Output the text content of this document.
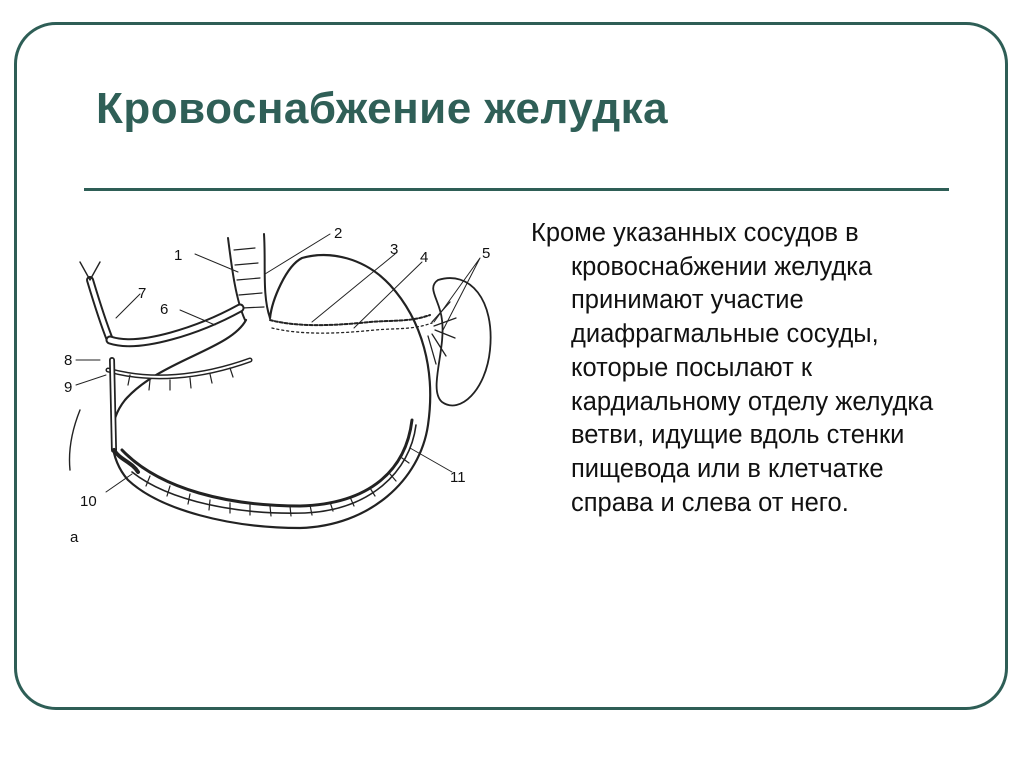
Кровоснабжение желудка
1
2
3 4	5
6
7
8
9
10
11
а

Кроме указанных сосудов в кровоснабжении желудка принимают участие диафрагмальные сосуды, которые посылают к кардиальному отделу желудка ветви, идущие вдоль стенки пищевода или в клетчатке справа и слева от него.
